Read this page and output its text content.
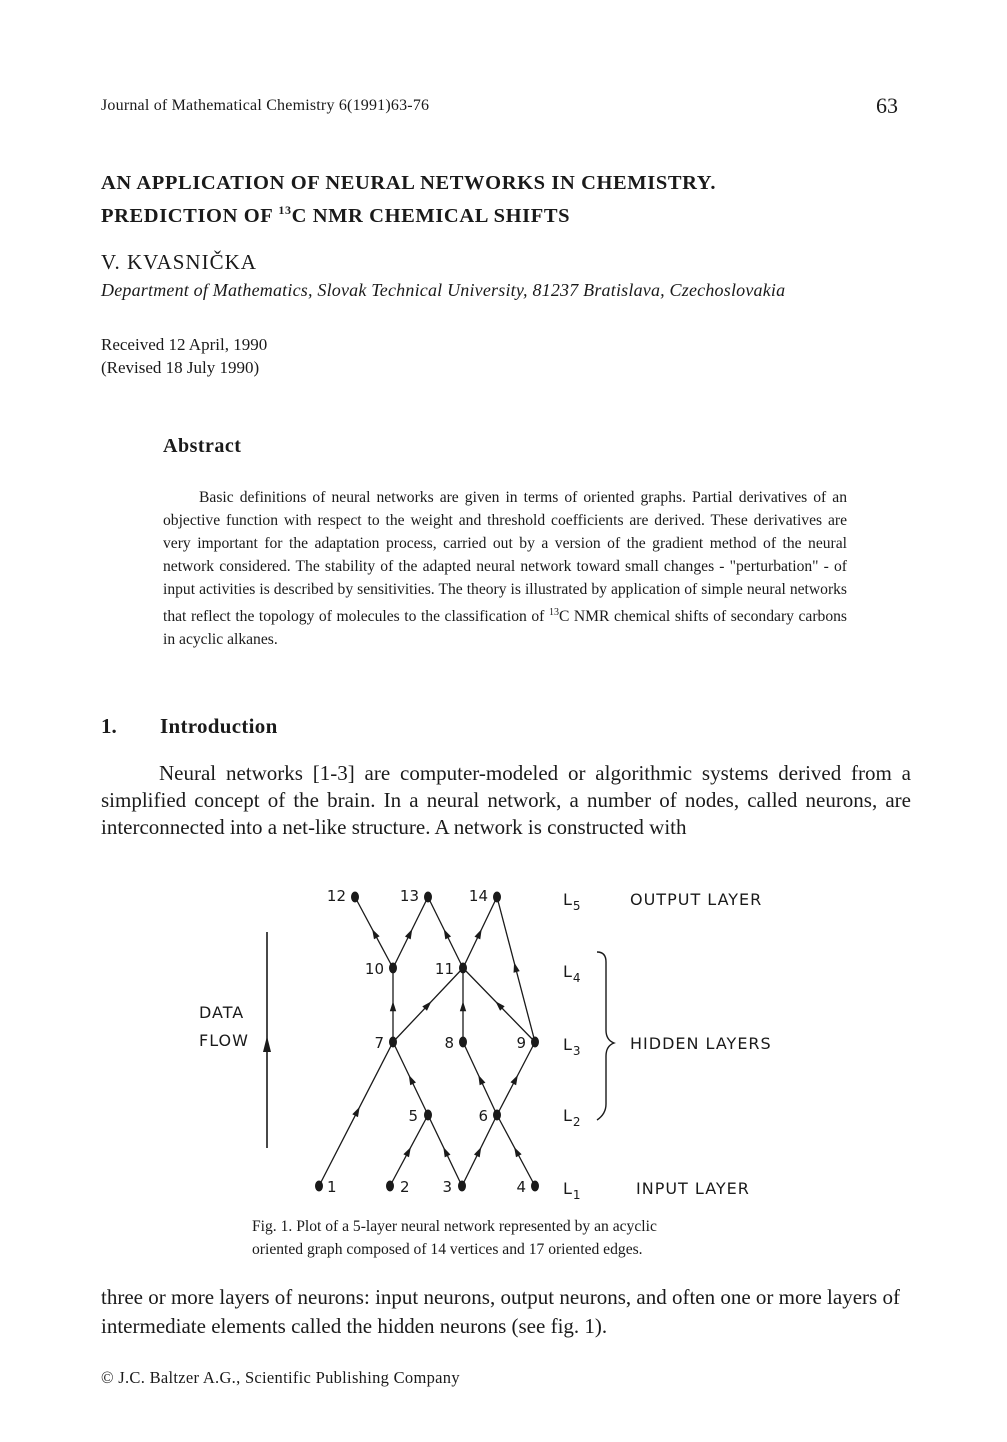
Journal of Mathematical Chemistry 6(1991)63-76	63
AN APPLICATION OF NEURAL NETWORKS IN CHEMISTRY.
PREDICTION OF $^{13}$C NMR CHEMICAL SHIFTS
V. KVASNIČKA
Department of Mathematics, Slovak Technical University, 81237 Bratislava, Czechoslovakia
Received 12 April, 1990
(Revised 18 July 1990)
Abstract

Basic definitions of neural networks are given in terms of oriented graphs. Partial derivatives of an objective function with respect to the weight and threshold coefficients are derived. These derivatives are very important for the adaptation process, carried out by a version of the gradient method of the neural network considered. The stability of the adapted neural network toward small changes - "perturbation" - of input activities is described by sensitivities. The theory is illustrated by application of simple neural networks that reflect the topology of molecules to the classification of $^{13}$C NMR chemical shifts of secondary carbons in acyclic alkanes.

1. Introduction

Neural networks [1-3] are computer-modeled or algorithmic systems derived from a simplified concept of the brain. In a neural network, a number of nodes, called neurons, are interconnected into a net-like structure. A network is constructed with

1	2 3	4
5	6
7	8	9
10	11
12	13	14
DATA
FLOW
$L_5$	OUTPUT LAYER
$L_4$
$L_3$	HIDDEN LAYERS
$L_2$
$L_1$	INPUT LAYER

Fig. 1. Plot of a 5-layer neural network represented by an acyclic

oriented graph composed of 14 vertices and 17 oriented edges.

three or more layers of neurons: input neurons, output neurons, and often one or more layers of intermediate elements called the hidden neurons (see fig. 1).

© J.C. Baltzer A.G., Scientific Publishing Company
